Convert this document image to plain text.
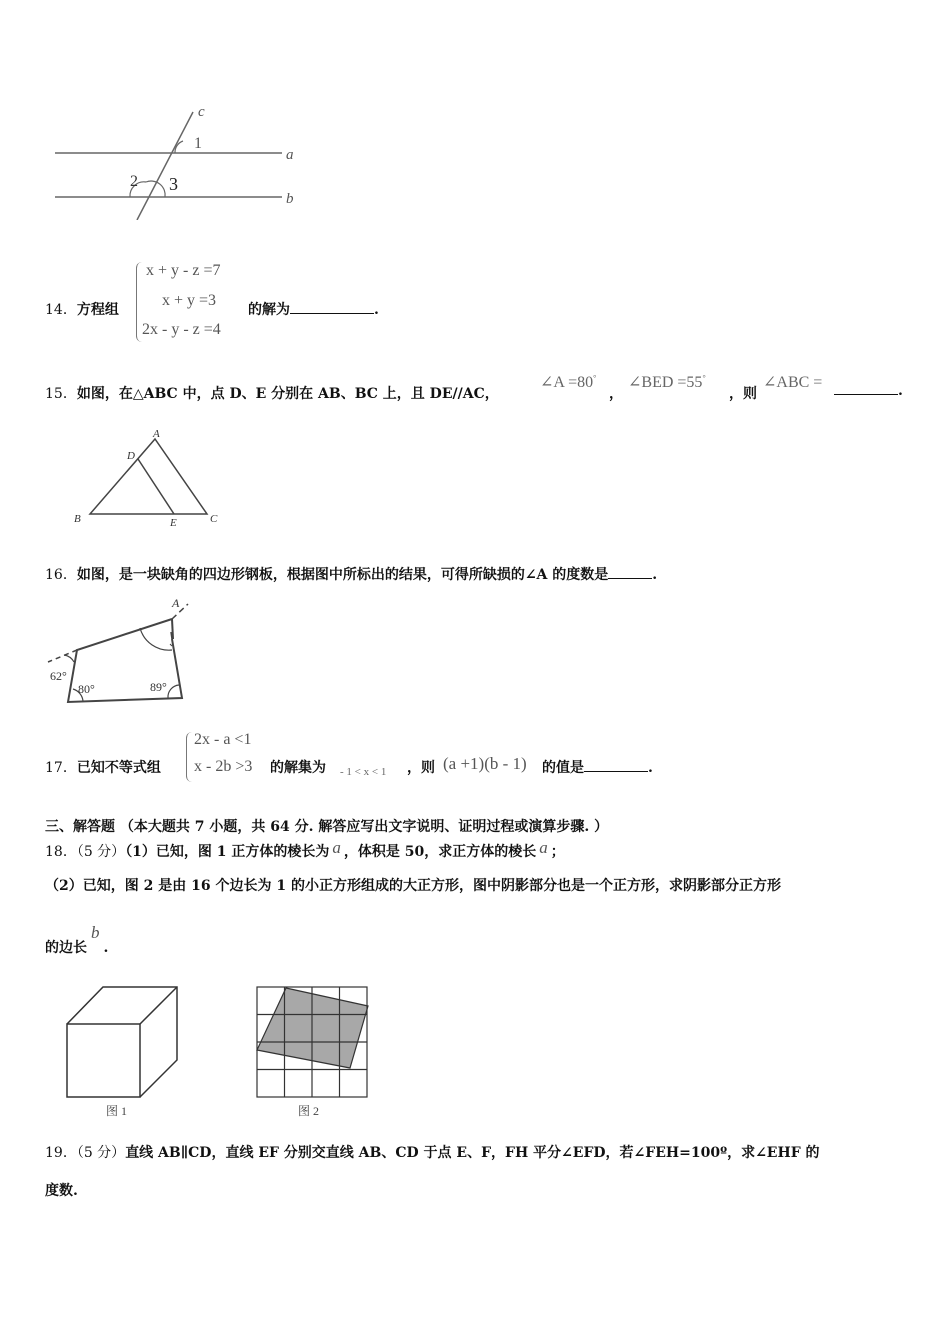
c
1
a
2 3
b
14．方程组
x + y - z =7
x + y =3
2x - y - z =4
的解为	.
15．如图，在△ABC 中，点 D、E 分别在 AB、BC 上，且 DE//AC，
∠A =80°
，
∠BED =55°
，则
∠ABC =	.
A
D
B	E	C
16．如图，是一块缺角的四边形钢板，根据图中所标出的结果，可得所缺损的∠A 的度数是	.
A
62°
80°	89°
17．已知不等式组
2x - a <1
x - 2b >3 的解集为 - 1 < x < 1 ，则 (a +1)(b - 1) 的值是	.
三、解答题 （本大题共 7 小题，共 64 分. 解答应写出文字说明、证明过程或演算步骤. ）
18．（5 分）（1）已知，图 1 正方体的棱长为 a ，体积是 50，求正方体的棱长 a ；
（2）已知，图 2 是由 16 个边长为 1 的小正方形组成的大正方形，图中阴影部分也是一个正方形，求阴影部分正方形
的边长b.
图 1	图 2
19．（5 分）直线 AB∥CD，直线 EF 分别交直线 AB、CD 于点 E、F，FH 平分∠EFD，若∠FEH=100º，求∠EHF 的
度数.
